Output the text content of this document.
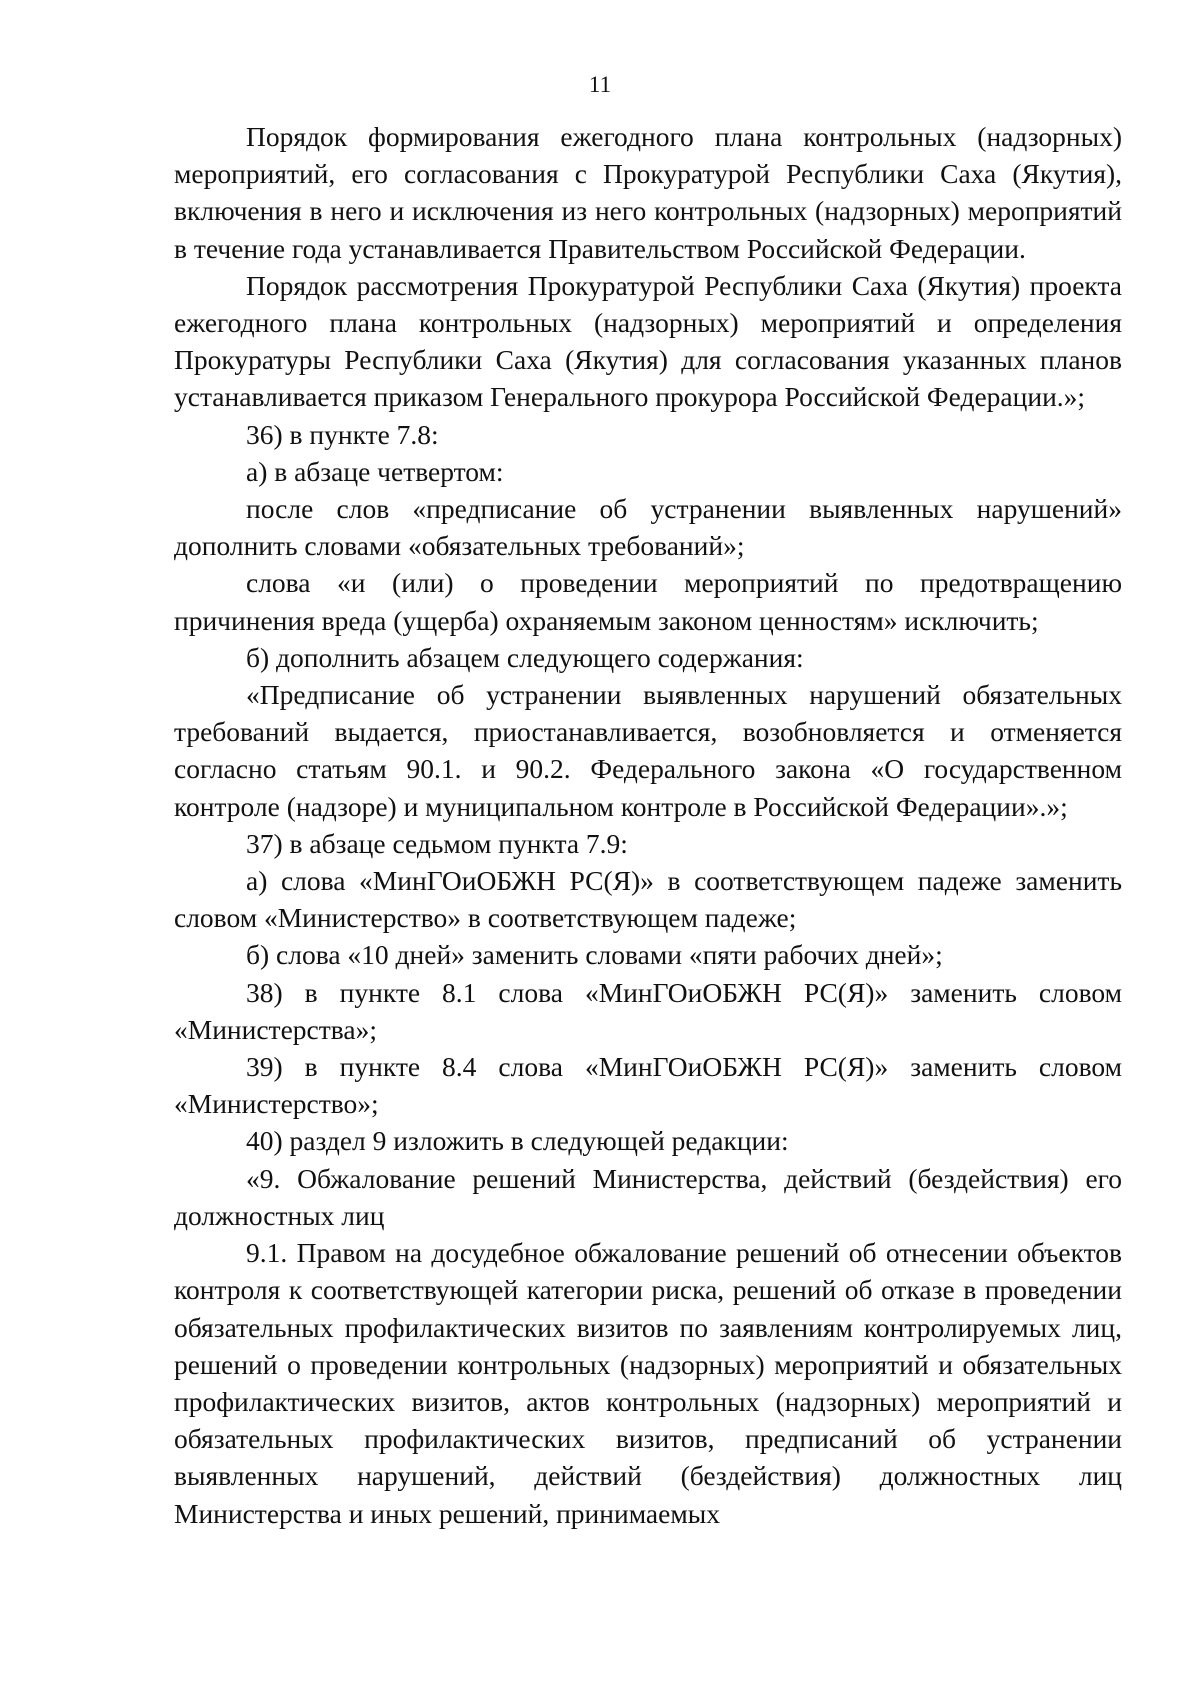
11

Порядок формирования ежегодного плана контрольных (надзорных) мероприятий, его согласования с Прокуратурой Республики Саха (Якутия), включения в него и исключения из него контрольных (надзорных) мероприятий в течение года устанавливается Правительством Российской Федерации.

Порядок рассмотрения Прокуратурой Республики Саха (Якутия) проекта ежегодного плана контрольных (надзорных) мероприятий и определения Прокуратуры Республики Саха (Якутия) для согласования указанных планов устанавливается приказом Генерального прокурора Российской Федерации.»;

36) в пункте 7.8:

а) в абзаце четвертом:

после слов «предписание об устранении выявленных нарушений» дополнить словами «обязательных требований»;

слова «и (или) о проведении мероприятий по предотвращению причинения вреда (ущерба) охраняемым законом ценностям» исключить;

б) дополнить абзацем следующего содержания:

«Предписание об устранении выявленных нарушений обязательных требований выдается, приостанавливается, возобновляется и отменяется согласно статьям 90.1. и 90.2. Федерального закона «О государственном контроле (надзоре) и муниципальном контроле в Российской Федерации».»;

37) в абзаце седьмом пункта 7.9:

а) слова «МинГОиОБЖН РС(Я)» в соответствующем падеже заменить словом «Министерство» в соответствующем падеже;

б) слова «10 дней» заменить словами «пяти рабочих дней»;

38) в пункте 8.1 слова «МинГОиОБЖН РС(Я)» заменить словом «Министерства»;

39) в пункте 8.4 слова «МинГОиОБЖН РС(Я)» заменить словом «Министерство»;

40) раздел 9 изложить в следующей редакции:

«9. Обжалование решений Министерства, действий (бездействия) его должностных лиц

9.1. Правом на досудебное обжалование решений об отнесении объектов контроля к соответствующей категории риска, решений об отказе в проведении обязательных профилактических визитов по заявлениям контролируемых лиц, решений о проведении контрольных (надзорных) мероприятий и обязательных профилактических визитов, актов контрольных (надзорных) мероприятий и обязательных профилактических визитов, предписаний об устранении выявленных нарушений, действий (бездействия) должностных лиц Министерства и иных решений, принимаемых
